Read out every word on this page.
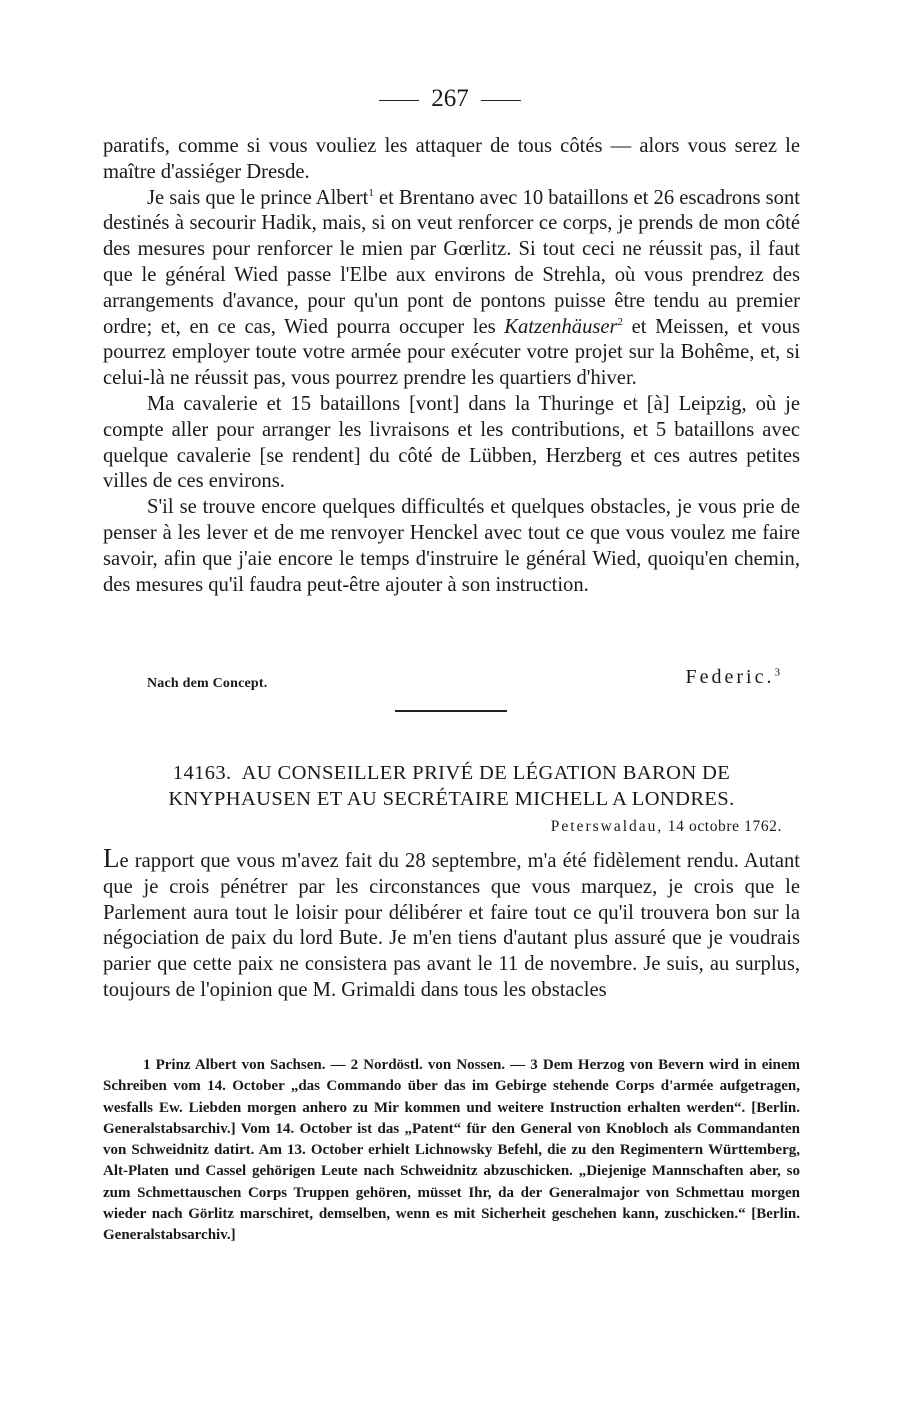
267

paratifs, comme si vous vouliez les attaquer de tous côtés — alors vous serez le maître d'assiéger Dresde.

Je sais que le prince Albert$^1$ et Brentano avec 10 bataillons et 26 escadrons sont destinés à secourir Hadik, mais, si on veut renforcer ce corps, je prends de mon côté des mesures pour renforcer le mien par Gœrlitz. Si tout ceci ne réussit pas, il faut que le général Wied passe l'Elbe aux environs de Strehla, où vous prendrez des arrangements d'avance, pour qu'un pont de pontons puisse être tendu au premier ordre; et, en ce cas, Wied pourra occuper les Katzenhäuser$^2$ et Meissen, et vous pourrez employer toute votre armée pour exécuter votre projet sur la Bohême, et, si celui-là ne réussit pas, vous pourrez prendre les quartiers d'hiver.

Ma cavalerie et 15 bataillons [vont] dans la Thuringe et [à] Leipzig, où je compte aller pour arranger les livraisons et les contributions, et 5 bataillons avec quelque cavalerie [se rendent] du côté de Lübben, Herzberg et ces autres petites villes de ces environs.

S'il se trouve encore quelques difficultés et quelques obstacles, je vous prie de penser à les lever et de me renvoyer Henckel avec tout ce que vous voulez me faire savoir, afin que j'aie encore le temps d'instruire le général Wied, quoiqu'en chemin, des mesures qu'il faudra peut-être ajouter à son instruction.

Nach dem Concept.	Federic.$^3$
14163. AU CONSEILLER PRIVÉ DE LÉGATION BARON DE
KNYPHAUSEN ET AU SECRÉTAIRE MICHELL A LONDRES.
Peterswaldau, 14 octobre 1762.

Le rapport que vous m'avez fait du 28 septembre, m'a été fidèlement rendu. Autant que je crois pénétrer par les circonstances que vous marquez, je crois que le Parlement aura tout le loisir pour délibérer et faire tout ce qu'il trouvera bon sur la négociation de paix du lord Bute. Je m'en tiens d'autant plus assuré que je voudrais parier que cette paix ne consistera pas avant le 11 de novembre. Je suis, au surplus, toujours de l'opinion que M. Grimaldi dans tous les obstacles

1 Prinz Albert von Sachsen. — 2 Nordöstl. von Nossen. — 3 Dem Herzog von Bevern wird in einem Schreiben vom 14. October „das Commando über das im Gebirge stehende Corps d'armée aufgetragen, wesfalls Ew. Liebden morgen anhero zu Mir kommen und weitere Instruction erhalten werden“. [Berlin. Generalstabsarchiv.] Vom 14. October ist das „Patent“ für den General von Knobloch als Commandanten von Schweidnitz datirt. Am 13. October erhielt Lichnowsky Befehl, die zu den Regimentern Württemberg, Alt-Platen und Cassel gehörigen Leute nach Schweidnitz abzuschicken. „Diejenige Mannschaften aber, so zum Schmettauschen Corps Truppen gehören, müsset Ihr, da der Generalmajor von Schmettau morgen wieder nach Görlitz marschiret, demselben, wenn es mit Sicherheit geschehen kann, zuschicken.“ [Berlin. Generalstabsarchiv.]
